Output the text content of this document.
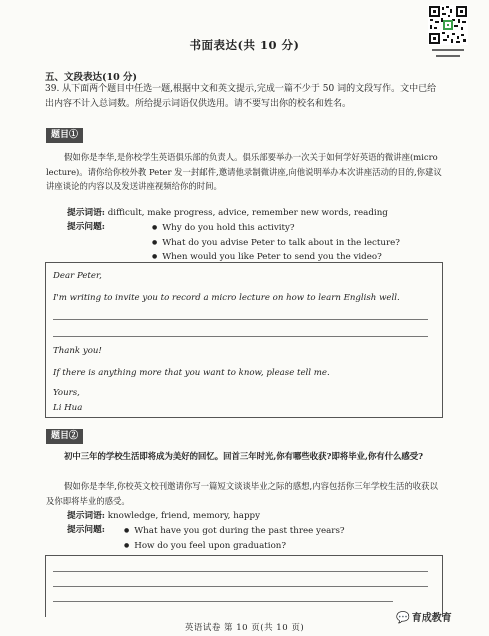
书面表达(共 10 分)
五、文段表达(10 分)
39. 从下面两个题目中任选一题,根据中文和英文提示,完成一篇不少于 50 词的文段写作。文中已给出内容不计入总词数。所给提示词语仅供选用。请不要写出你的校名和姓名。
题目①
假如你是李华,是你校学生英语俱乐部的负责人。俱乐部要举办一次关于如何学好英语的微讲座(micro lecture)。请你给你校外教 Peter 发一封邮件,邀请他录制微讲座,向他说明举办本次讲座活动的目的,你建议讲座谈论的内容以及发送讲座视频给你的时间。
提示词语: difficult, make progress, advice, remember new words, reading
提示问题:	● Why do you hold this activity?
● What do you advise Peter to talk about in the lecture?
● When would you like Peter to send you the video?
Dear Peter,
I'm writing to invite you to record a micro lecture on how to learn English well.
Thank you!
If there is anything more that you want to know, please tell me.
Yours,
Li Hua
题目②
初中三年的学校生活即将成为美好的回忆。回首三年时光,你有哪些收获?即将毕业,你有什么感受?
假如你是李华,你校英文校刊邀请你写一篇短文谈谈毕业之际的感想,内容包括你三年学校生活的收获以及你即将毕业的感受。
提示词语: knowledge, friend, memory, happy
提示问题:	● What have you got during the past three years?
● How do you feel upon graduation?
💬 育成教育
英语试卷 第 10 页(共 10 页)
